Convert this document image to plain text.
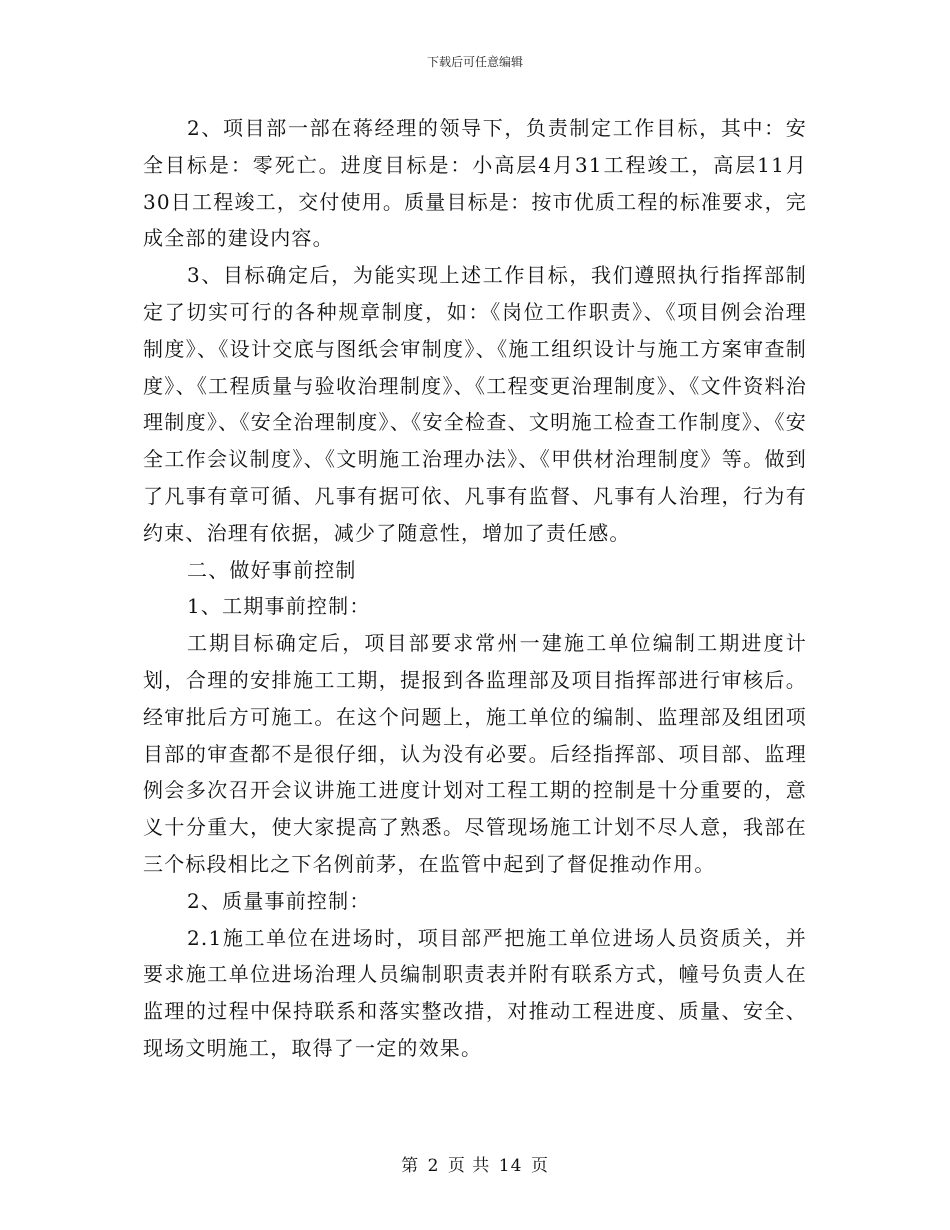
下载后可任意编辑

2、项目部一部在蒋经理的领导下，负责制定工作目标，其中：安全目标是：零死亡。进度目标是：小高层4月31工程竣工，高层11月30日工程竣工，交付使用。质量目标是：按市优质工程的标准要求，完成全部的建设内容。

3、目标确定后，为能实现上述工作目标，我们遵照执行指挥部制定了切实可行的各种规章制度，如：《岗位工作职责》、《项目例会治理制度》、《设计交底与图纸会审制度》、《施工组织设计与施工方案审查制度》、《工程质量与验收治理制度》、《工程变更治理制度》、《文件资料治理制度》、《安全治理制度》、《安全检查、文明施工检查工作制度》、《安全工作会议制度》、《文明施工治理办法》、《甲供材治理制度》等。做到了凡事有章可循、凡事有据可依、凡事有监督、凡事有人治理，行为有约束、治理有依据，减少了随意性，增加了责任感。

二、做好事前控制

1、工期事前控制：

工期目标确定后，项目部要求常州一建施工单位编制工期进度计划，合理的安排施工工期，提报到各监理部及项目指挥部进行审核后。经审批后方可施工。在这个问题上，施工单位的编制、监理部及组团项目部的审查都不是很仔细，认为没有必要。后经指挥部、项目部、监理例会多次召开会议讲施工进度计划对工程工期的控制是十分重要的，意义十分重大，使大家提高了熟悉。尽管现场施工计划不尽人意，我部在三个标段相比之下名例前茅，在监管中起到了督促推动作用。

2、质量事前控制：

2.1施工单位在进场时，项目部严把施工单位进场人员资质关，并要求施工单位进场治理人员编制职责表并附有联系方式，幢号负责人在监理的过程中保持联系和落实整改措，对推动工程进度、质量、安全、现场文明施工，取得了一定的效果。

第 2 页 共 14 页
